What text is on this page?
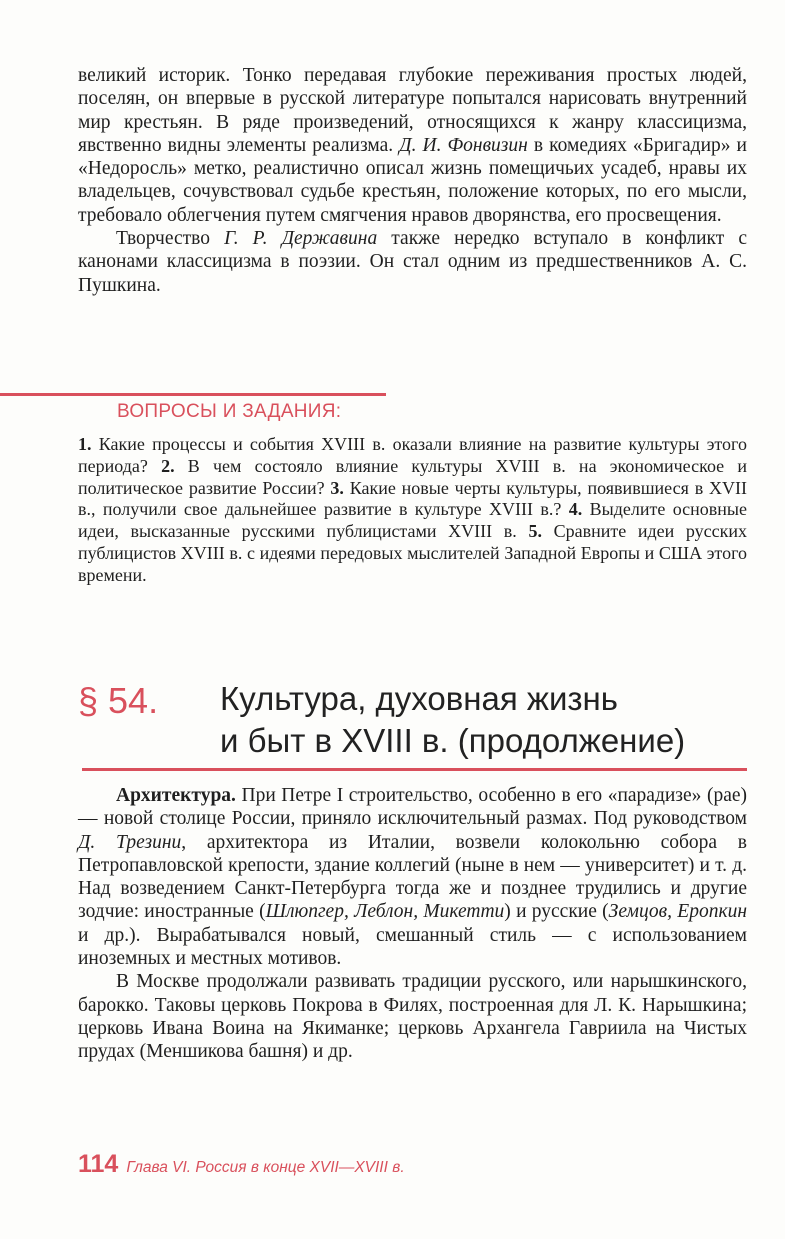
великий историк. Тонко передавая глубокие переживания простых людей, поселян, он впервые в русской литературе попытался нарисовать внутренний мир крестьян. В ряде произведений, относящихся к жанру классицизма, явственно видны элементы реализма. Д. И. Фонвизин в комедиях «Бригадир» и «Недоросль» метко, реалистично описал жизнь помещичьих усадеб, нравы их владельцев, сочувствовал судьбе крестьян, положение которых, по его мысли, требовало облегчения путем смягчения нравов дворянства, его просвещения.

Творчество Г. Р. Державина также нередко вступало в конфликт с канонами классицизма в поэзии. Он стал одним из предшественников А. С. Пушкина.

ВОПРОСЫ И ЗАДАНИЯ:

1. Какие процессы и события XVIII в. оказали влияние на развитие культуры этого периода? 2. В чем состояло влияние культуры XVIII в. на экономическое и политическое развитие России? 3. Какие новые черты культуры, появившиеся в XVII в., получили свое дальнейшее развитие в культуре XVIII в.? 4. Выделите основные идеи, высказанные русскими публицистами XVIII в. 5. Сравните идеи русских публицистов XVIII в. с идеями передовых мыслителей Западной Европы и США этого времени.

§ 54. Культура, духовная жизнь
и быт в XVIII в. (продолжение)

Архитектура. При Петре I строительство, особенно в его «парадизе» (рае) — новой столице России, приняло исключительный размах. Под руководством Д. Трезини, архитектора из Италии, возвели колокольню собора в Петропавловской крепости, здание коллегий (ныне в нем — университет) и т. д. Над возведением Санкт-Петербурга тогда же и позднее трудились и другие зодчие: иностранные (Шлюпгер, Леблон, Микетти) и русские (Земцов, Еропкин и др.). Вырабатывался новый, смешанный стиль — с использованием иноземных и местных мотивов.

В Москве продолжали развивать традиции русского, или нарышкинского, барокко. Таковы церковь Покрова в Филях, построенная для Л. К. Нарышкина; церковь Ивана Воина на Якиманке; церковь Архангела Гавриила на Чистых прудах (Меншикова башня) и др.

114 Глава VI. Россия в конце XVII—XVIII в.
